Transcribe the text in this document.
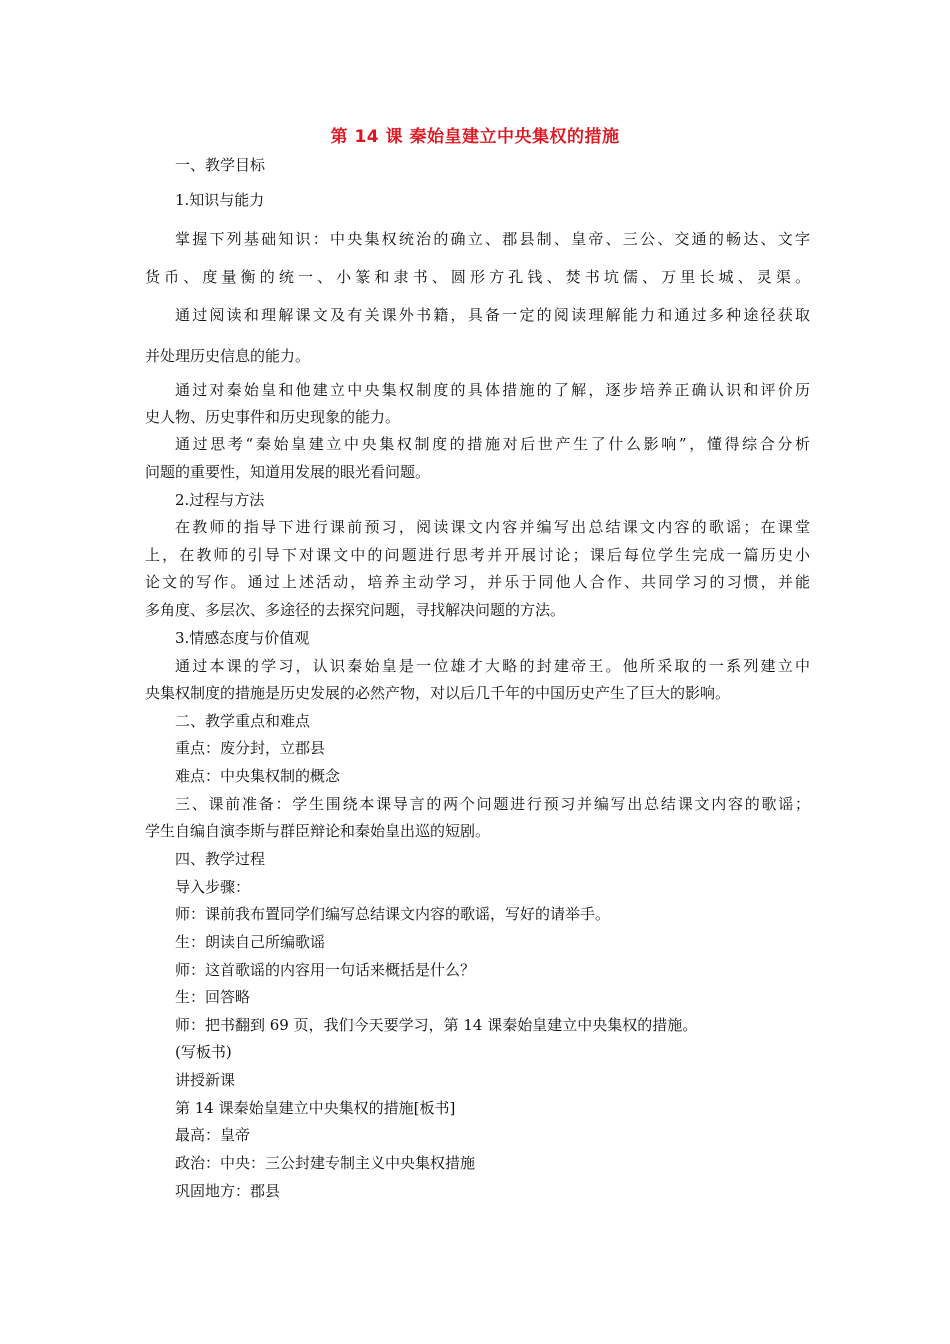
第 14 课 秦始皇建立中央集权的措施
一、教学目标
1.知识与能力
掌握下列基础知识：中央集权统治的确立、郡县制、皇帝、三公、交通的畅达、文字
货币、度量衡的统一、小篆和隶书、圆形方孔钱、焚书坑儒、万里长城、灵渠。
通过阅读和理解课文及有关课外书籍，具备一定的阅读理解能力和通过多种途径获取
并处理历史信息的能力。
通过对秦始皇和他建立中央集权制度的具体措施的了解，逐步培养正确认识和评价历
史人物、历史事件和历史现象的能力。
通过思考“秦始皇建立中央集权制度的措施对后世产生了什么影响”，懂得综合分析
问题的重要性，知道用发展的眼光看问题。
2.过程与方法
在教师的指导下进行课前预习，阅读课文内容并编写出总结课文内容的歌谣；在课堂
上，在教师的引导下对课文中的问题进行思考并开展讨论；课后每位学生完成一篇历史小
论文的写作。通过上述活动，培养主动学习，并乐于同他人合作、共同学习的习惯，并能
多角度、多层次、多途径的去探究问题，寻找解决问题的方法。
3.情感态度与价值观
通过本课的学习，认识秦始皇是一位雄才大略的封建帝王。他所采取的一系列建立中
央集权制度的措施是历史发展的必然产物，对以后几千年的中国历史产生了巨大的影响。
二、教学重点和难点
重点：废分封，立郡县
难点：中央集权制的概念
三、课前准备：学生围绕本课导言的两个问题进行预习并编写出总结课文内容的歌谣；
学生自编自演李斯与群臣辩论和秦始皇出巡的短剧。
四、教学过程
导入步骤：
师：课前我布置同学们编写总结课文内容的歌谣，写好的请举手。
生：朗读自己所编歌谣
师：这首歌谣的内容用一句话来概括是什么？
生：回答略
师：把书翻到 69 页，我们今天要学习，第 14 课秦始皇建立中央集权的措施。
(写板书)
讲授新课
第 14 课秦始皇建立中央集权的措施[板书]
最高：皇帝
政治：中央：三公封建专制主义中央集权措施
巩固地方：郡县
